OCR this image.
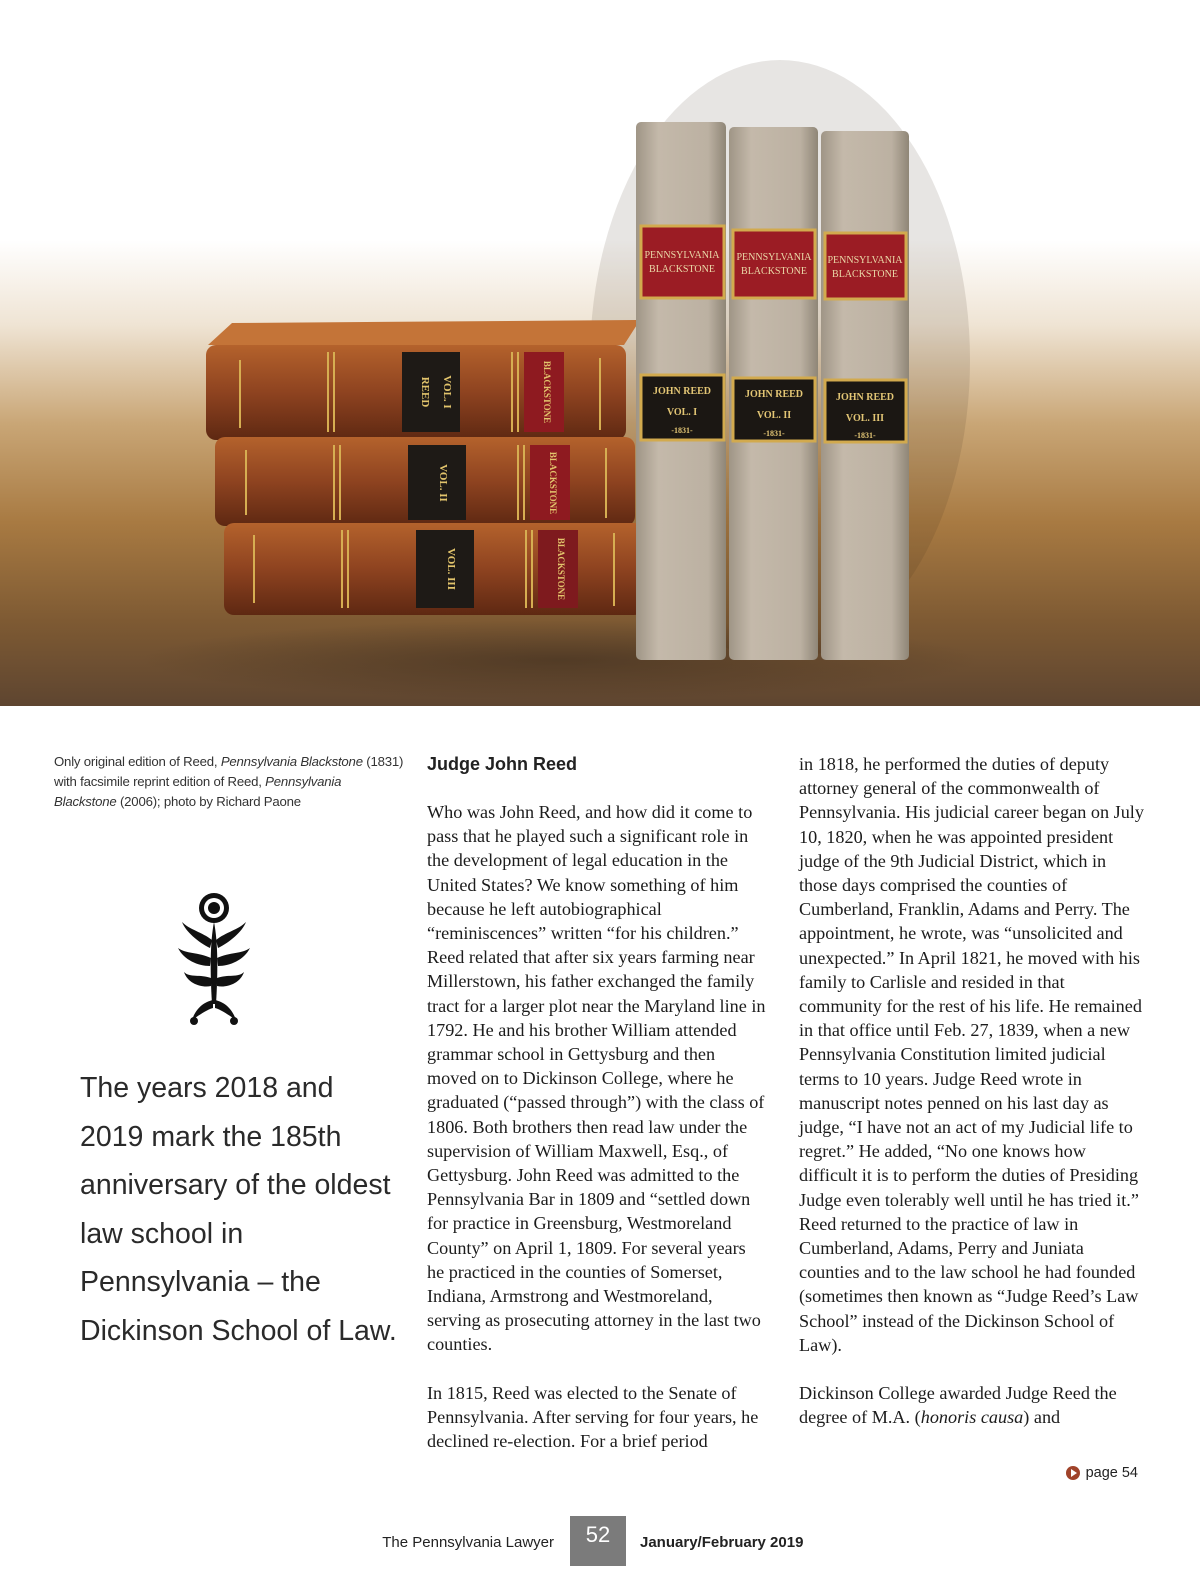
REED VOL. I
VOL. II
VOL. III
BLACKSTONE
BLACKSTONE
BLACKSTONE
PENNSYLVANIA
BLACKSTONE
PENNSYLVANIA
BLACKSTONE
PENNSYLVANIA
BLACKSTONE
JOHN REED
VOL. I
-1831-
JOHN REED
VOL. II
-1831-
JOHN REED
VOL. III
-1831-
Only original edition of Reed, Pennsylvania Blackstone (1831) with facsimile reprint edition of Reed, Pennsylvania Blackstone (2006); photo by Richard Paone
The years 2018 and 2019 mark the 185th anniversary of the oldest law school in Pennsylvania – the Dickinson School of Law.

Judge John Reed

Who was John Reed, and how did it come to pass that he played such a significant role in the development of legal education in the United States? We know something of him because he left autobiographical “reminiscences” written “for his children.” Reed related that after six years farming near Millerstown, his father exchanged the family tract for a larger plot near the Maryland line in 1792. He and his brother William attended grammar school in Gettysburg and then moved on to Dickinson College, where he graduated (“passed through”) with the class of 1806. Both brothers then read law under the supervision of William Maxwell, Esq., of Gettysburg. John Reed was admitted to the Pennsylvania Bar in 1809 and “settled down for practice in Greensburg, Westmoreland County” on April 1, 1809. For several years he practiced in the counties of Somerset, Indiana, Armstrong and Westmoreland, serving as prosecuting attorney in the last two counties.

In 1815, Reed was elected to the Senate of Pennsylvania. After serving for four years, he declined re-election. For a brief period

in 1818, he performed the duties of deputy attorney general of the commonwealth of Pennsylvania. His judicial career began on July 10, 1820, when he was appointed president judge of the 9th Judicial District, which in those days comprised the counties of Cumberland, Franklin, Adams and Perry. The appointment, he wrote, was “unsolicited and unexpected.” In April 1821, he moved with his family to Carlisle and resided in that community for the rest of his life. He remained in that office until Feb. 27, 1839, when a new Pennsylvania Constitution limited judicial terms to 10 years. Judge Reed wrote in manuscript notes penned on his last day as judge, “I have not an act of my Judicial life to regret.” He added, “No one knows how difficult it is to perform the duties of Presiding Judge even tolerably well until he has tried it.” Reed returned to the practice of law in Cumberland, Adams, Perry and Juniata counties and to the law school he had founded (sometimes then known as “Judge Reed’s Law School” instead of the Dickinson School of Law).

Dickinson College awarded Judge Reed the degree of M.A. (honoris causa) and

page 54
The Pennsylvania Lawyer	52	January/February 2019
